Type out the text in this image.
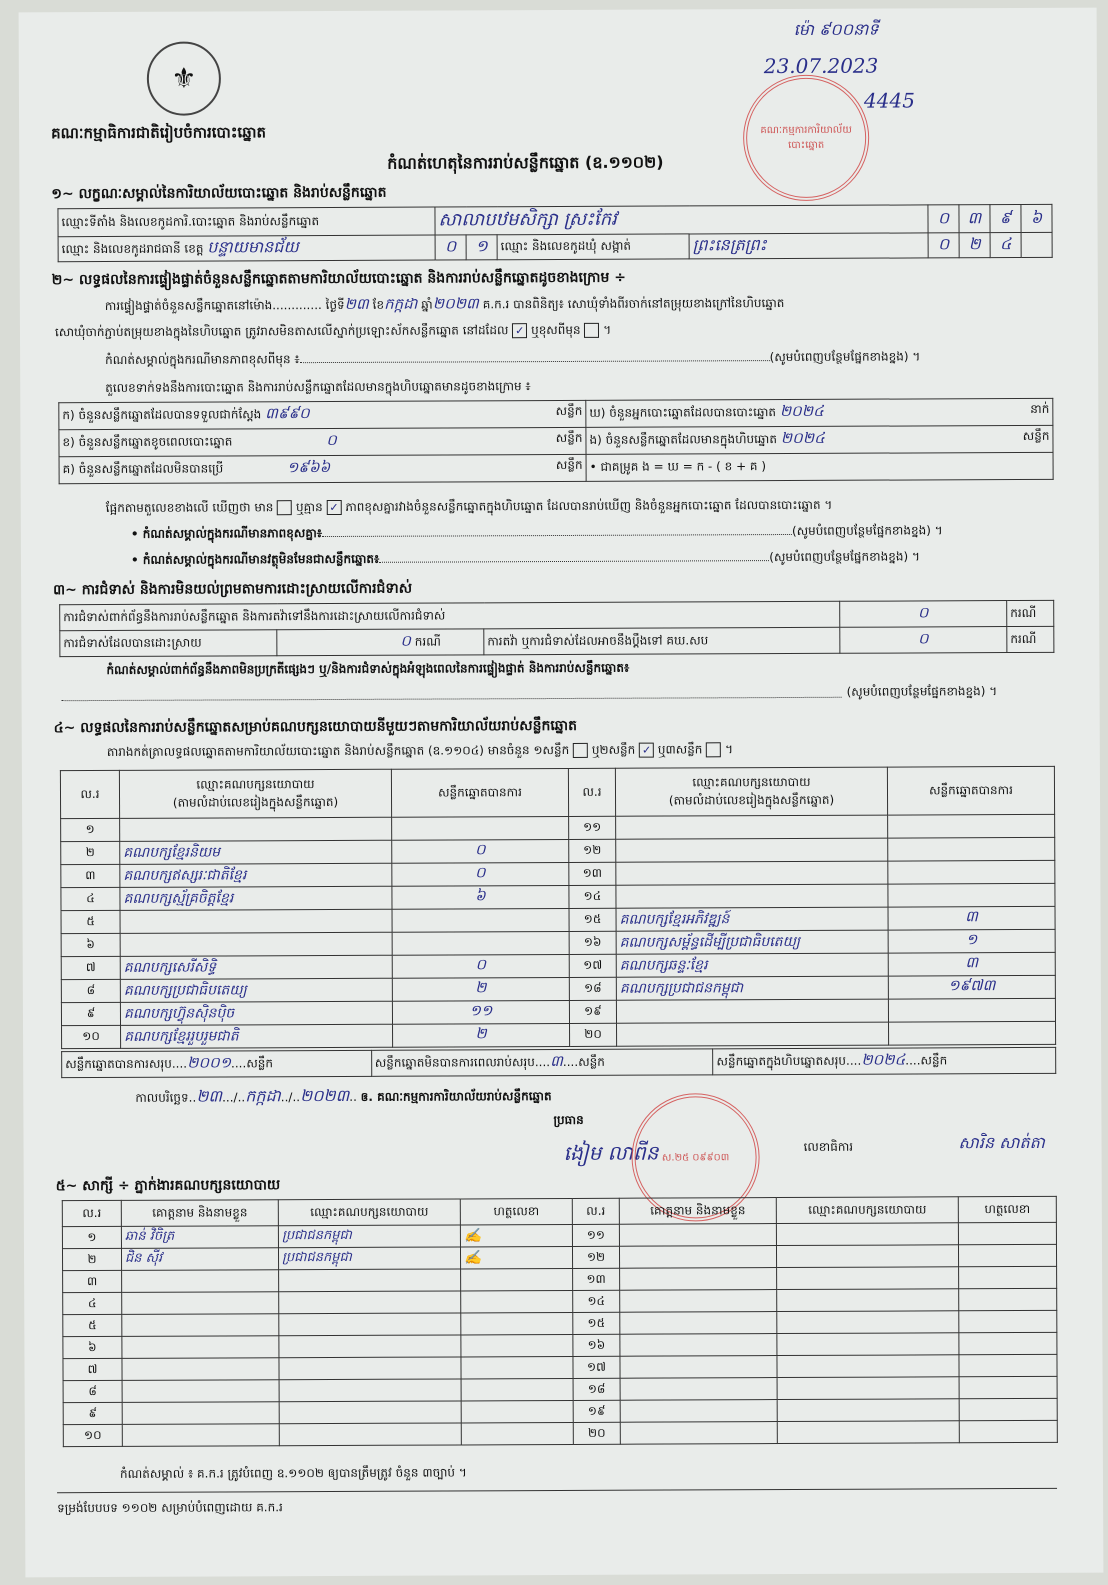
⚜
គណៈកម្មាធិការជាតិរៀបចំការបោះឆ្នោត
ម៉ោ ៩០០នាទី
23.07.2023
4445
គណៈកម្មការការិយាល័យបោះឆ្នោត
កំណត់ហេតុនៃការរាប់សន្លឹកឆ្នោត (ឧ.១១០២)
១~ លក្ខណៈសម្គាល់នៃការិយាល័យបោះឆ្នោត និងរាប់សន្លឹកឆ្នោត
ឈ្មោះទីតាំង និងលេខកូដការិ.បោះឆ្នោត និងរាប់សន្លឹកឆ្នោត	សាលាបឋមសិក្សា ស្រះកែវ				០	៣	៩	៦
ឈ្មោះ និងលេខកូដរាជធានី ខេត្ត បន្ទាយមានជ័យ	០	១	ឈ្មោះ និងលេខកូដឃុំ សង្កាត់	ព្រះនេត្រព្រះ	០	២	៤	
២~ លទ្ធផលនៃការផ្ទៀងផ្ទាត់ចំនួនសន្លឹកឆ្នោតតាមការិយាល័យបោះឆ្នោត និងការរាប់សន្លឹកឆ្នោតដូចខាងក្រោម ÷
ការផ្ទៀងផ្ទាត់ចំនួនសន្លឹកឆ្នោតនៅម៉ោង............. ថ្ងៃទី២៣ ខែកក្កដា ឆ្នាំ២០២៣ គ.ក.រ បានពិនិត្យ៖ សោឃុំទាំងពីរចាក់នៅតម្រុយខាងក្រៅនៃហិបឆ្នោត
សោឃុំចាក់ភ្ជាប់តម្រុយខាងក្នុងនៃហិបឆ្នោត ត្រូវរាសមិនតាសលើស្នាក់ប្រឡោះស័កសន្លឹកឆ្នោត នៅដដែល ✓ ឬខុសពីមុន  ។
កំណត់សម្គាល់ក្នុងករណីមានភាពខុសពីមុន ៖	(សូមបំពេញបន្ថែមផ្នែកខាងខ្នង) ។
តួលេខទាក់ទងនឹងការបោះឆ្នោត និងការរាប់សន្លឹកឆ្នោតដែលមានក្នុងហិបឆ្នោតមានដូចខាងក្រោម ៖
ក) ចំនួនសន្លឹកឆ្នោតដែលបានទទួលជាក់ស្តែង ៣៩៩០ សន្លឹក	ឃ) ចំនួនអ្នកបោះឆ្នោតដែលបានបោះឆ្នោត ២០២៤ នាក់

ខ) ចំនួនសន្លឹកឆ្នោតខូចពេលបោះឆ្នោត ០ សន្លឹក	ង) ចំនួនសន្លឹកឆ្នោតដែលមានក្នុងហិបឆ្នោត ២០២៤ សន្លឹក

គ) ចំនួនសន្លឹកឆ្នោតដែលមិនបានប្រើ ១៩៦៦ សន្លឹក	• ជាគម្រូគ ង = ឃ = ក - ( ខ + គ )
ផ្អែកតាមតួលេខខាងលើ ឃើញថា មាន ឬគ្មាន ✓ ភាពខុសគ្នារវាងចំនួនសន្លឹកឆ្នោតក្នុងហិបឆ្នោត ដែលបានរាប់ឃើញ និងចំនួនអ្នកបោះឆ្នោត ដែលបានបោះឆ្នោត ។
• កំណត់សម្គាល់ក្នុងករណីមានភាពខុសគ្នា៖	(សូមបំពេញបន្ថែមផ្នែកខាងខ្នង) ។
• កំណត់សម្គាល់ក្នុងករណីមានវត្ថុមិនមែនជាសន្លឹកឆ្នោត៖	(សូមបំពេញបន្ថែមផ្នែកខាងខ្នង) ។
៣~ ការជំទាស់ និងការមិនយល់ព្រមតាមការដោះស្រាយលើការជំទាស់
ការជំទាស់ពាក់ព័ន្ធនឹងការរាប់សន្លឹកឆ្នោត និងការតវ៉ាទៅនឹងការដោះស្រាយលើការជំទាស់			០	ករណី
ការជំទាស់ដែលបានដោះស្រាយ	០ ករណី	ការតវ៉ា ឬការជំទាស់ដែលអាចនឹងប្តឹងទៅ គឃ.សប	០	ករណី
កំណត់សម្គាល់ពាក់ព័ន្ធនឹងភាពមិនប្រក្រតីផ្សេងៗ ឬ/និងការជំទាស់ក្នុងអំឡុងពេលនៃការផ្ទៀងផ្ទាត់ និងការរាប់សន្លឹកឆ្នោត៖
(សូមបំពេញបន្ថែមផ្នែកខាងខ្នង) ។
៤~ លទ្ធផលនៃការរាប់សន្លឹកឆ្នោតសម្រាប់គណបក្សនយោបាយនីមួយៗតាមការិយាល័យរាប់សន្លឹកឆ្នោត
តារាងកត់ត្រាលទ្ធផលឆ្នោតតាមការិយាល័យបោះឆ្នោត និងរាប់សន្លឹកឆ្នោត (ឧ.១១០៤) មានចំនួន ១សន្លឹក ឬ២សន្លឹក ✓ ឬ៣សន្លឹក  ។
ល.រ	ឈ្មោះគណបក្សនយោបាយ
(តាមលំដាប់លេខរៀងក្នុងសន្លឹកឆ្នោត)	សន្លឹកឆ្នោតបានការ	ល.រ	ឈ្មោះគណបក្សនយោបាយ
(តាមលំដាប់លេខរៀងក្នុងសន្លឹកឆ្នោត)	សន្លឹកឆ្នោតបានការ
១			១១		
២	គណបក្សខ្មែរនិយម	០	១២		
៣	គណបក្សឥស្សរៈជាតិខ្មែរ	០	១៣		
៤	គណបក្សស្ម័គ្រចិត្តខ្មែរ	៦	១៤		
៥			១៥	គណបក្សខ្មែរអភិវឌ្ឍន៍	៣
៦			១៦	គណបក្សសម្ព័ន្ធដើម្បីប្រជាធិបតេយ្យ	១
៧	គណបក្សសេរីសិទ្ធិ	០	១៧	គណបក្សឆន្ទៈខ្មែរ	៣
៨	គណបក្សប្រជាធិបតេយ្យ	២	១៨	គណបក្សប្រជាជនកម្ពុជា	១៩៧៣
៩	គណបក្សហ៊្វុនស៊ិនប៉ិច	១១	១៩		
១០	គណបក្សខ្មែររួបរួមជាតិ	២	២០		
សន្លឹកឆ្នោតបានការសរុប....២០០១....សន្លឹក	សន្លឹកឆ្នោតមិនបានការពេលរាប់សរុប....៣....សន្លឹក	សន្លឹកឆ្នោតក្នុងហិបឆ្នោតសរុប....២០២៤....សន្លឹក
កាលបរិច្ឆេទ..២៣.../..កក្កដា../..២០២៣.. ឲ. គណៈកម្មការការិយាល័យរាប់សន្លឹកឆ្នោត
ប្រធាន
ងៀម លាពីន ស.២៥ ០៩៩០៣
លេខាធិការ	សារិន សាត់តា
៥~ សាក្សី ÷ ភ្នាក់ងារគណបក្សនយោបាយ
ល.រ	គោត្តនាម និងនាមខ្លួន	ឈ្មោះគណបក្សនយោបាយ	ហត្ថលេខា	ល.រ	គោត្តនាម និងនាមខ្លួន	ឈ្មោះគណបក្សនយោបាយ	ហត្ថលេខា
១	ឆាន់ វិចិត្រ	ប្រជាជនកម្ពុជា	✍	១១			
២	ជិន ស៊ីវ	ប្រជាជនកម្ពុជា	✍	១២			
៣				១៣			
៤				១៤			
៥				១៥			
៦				១៦			
៧				១៧			
៨				១៨			
៩				១៩			
១០				២០			
កំណត់សម្គាល់ ៖ គ.ក.រ ត្រូវបំពេញ ឧ.១១០២ ឲ្យបានត្រឹមត្រូវ ចំនួន ៣ច្បាប់ ។
ទម្រង់បែបបទ ១១០២ សម្រាប់បំពេញដោយ គ.ក.រ
